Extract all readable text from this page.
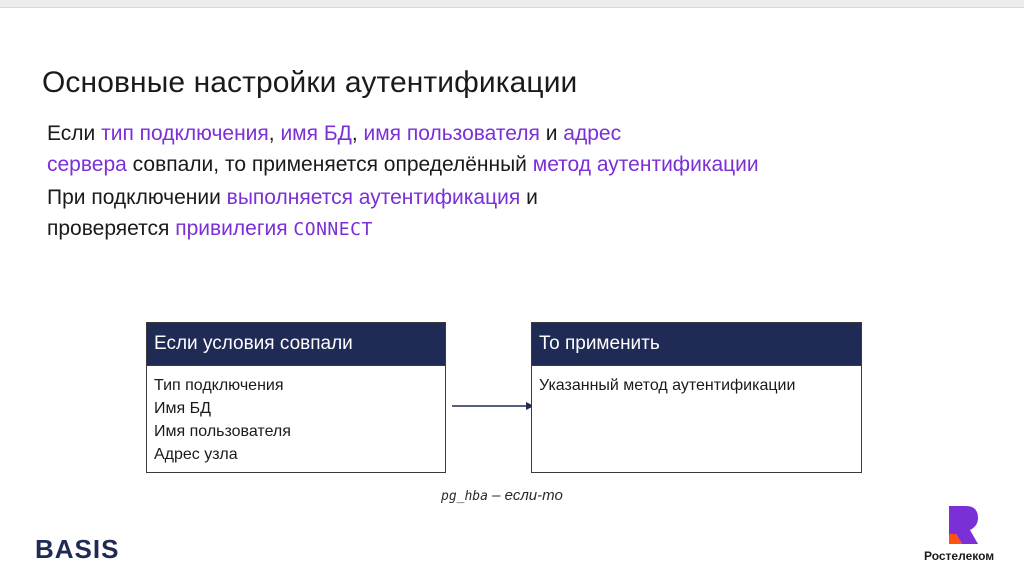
Основные настройки аутентификации
Если тип подключения, имя БД, имя пользователя и адрес
сервера совпали, то применяется определённый метод аутентификации
При подключении выполняется аутентификация и
проверяется привилегия CONNECT
Если условия совпали
Тип подключения
Имя БД
Имя пользователя
Адрес узла
То применить
Указанный метод аутентификации
pg_hba – если-то
BASIS	Ростелеком
